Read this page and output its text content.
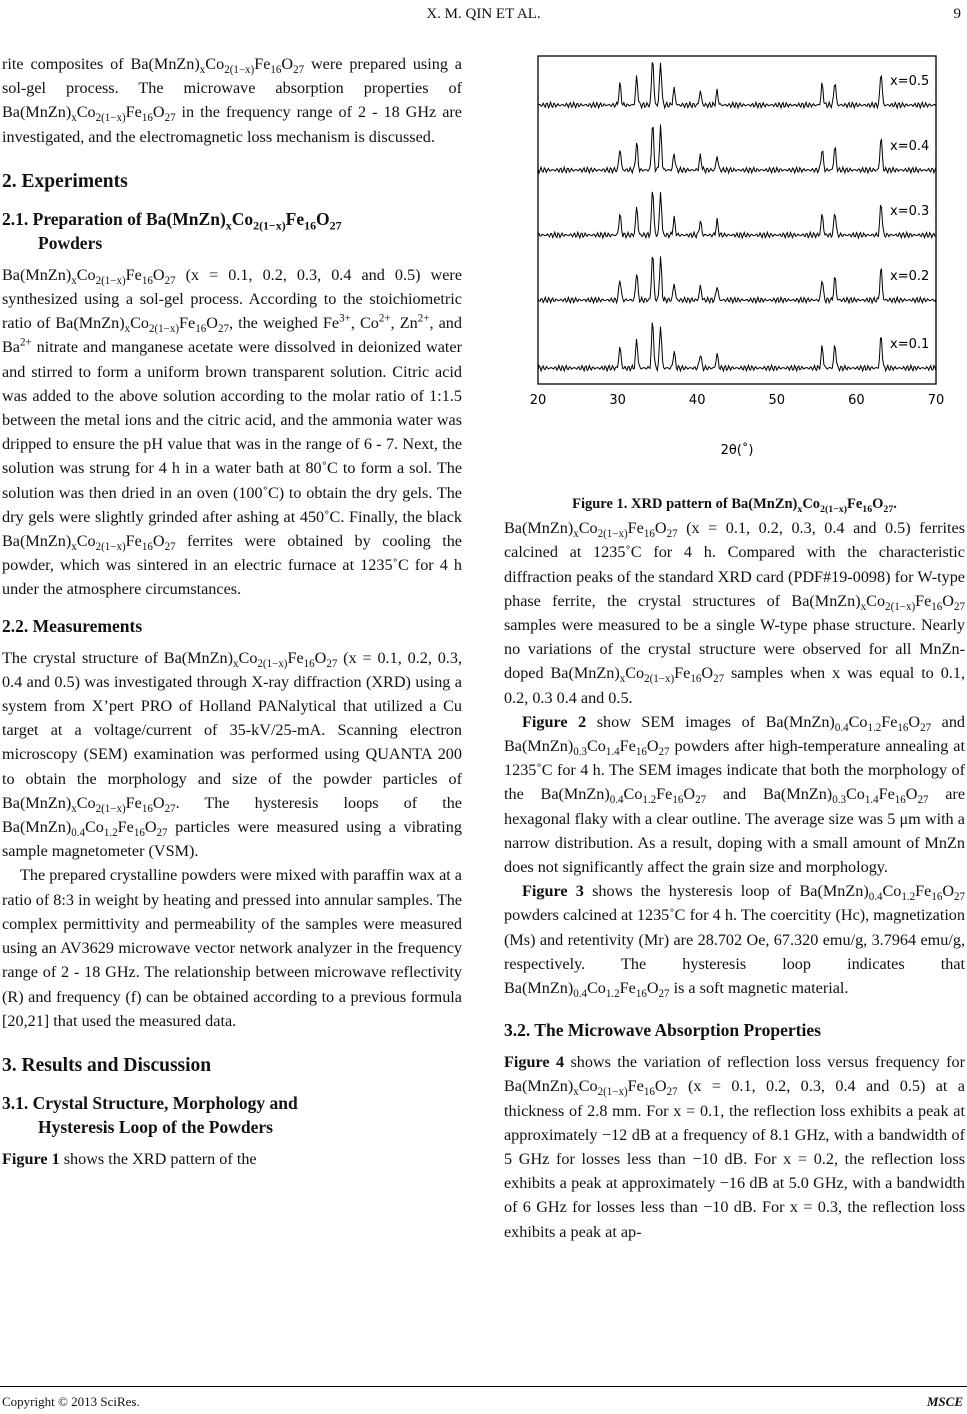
X. M. QIN ET AL.	9

rite composites of $Ba(MnZn)_xCo_{2(1-x)}Fe_{16}O_{27}$ were prepared using a sol-gel process. The microwave absorption properties of $Ba(MnZn)_xCo_{2(1-x)}Fe_{16}O_{27}$ in the frequency range of 2 - 18 GHz are investigated, and the electromagnetic loss mechanism is discussed.

2. Experiments

2.1. Preparation of $Ba(MnZn)_xCo_{2(1-x)}Fe_{16}O_{27}$
Powders

$Ba(MnZn)_xCo_{2(1-x)}Fe_{16}O_{27}$ (x = 0.1, 0.2, 0.3, 0.4 and 0.5) were synthesized using a sol-gel process. According to the stoichiometric ratio of $Ba(MnZn)_xCo_{2(1-x)}Fe_{16}O_{27}$, the weighed $Fe^{3+}$, $Co^{2+}$, $Zn^{2+}$, and $Ba^{2+}$ nitrate and manganese acetate were dissolved in deionized water and stirred to form a uniform brown transparent solution. Citric acid was added to the above solution according to the molar ratio of 1:1.5 between the metal ions and the citric acid, and the ammonia water was dripped to ensure the pH value that was in the range of 6 - 7. Next, the solution was strung for 4 h in a water bath at 80˚C to form a sol. The solution was then dried in an oven (100˚C) to obtain the dry gels. The dry gels were slightly grinded after ashing at 450˚C. Finally, the black $Ba(MnZn)_xCo_{2(1-x)}Fe_{16}O_{27}$ ferrites were obtained by cooling the powder, which was sintered in an electric furnace at 1235˚C for 4 h under the atmosphere circumstances.

2.2. Measurements

The crystal structure of $Ba(MnZn)_xCo_{2(1-x)}Fe_{16}O_{27}$ (x = 0.1, 0.2, 0.3, 0.4 and 0.5) was investigated through X-ray diffraction (XRD) using a system from X’pert PRO of Holland PANalytical that utilized a Cu target at a voltage/current of 35-kV/25-mA. Scanning electron microscopy (SEM) examination was performed using QUANTA 200 to obtain the morphology and size of the powder particles of $Ba(MnZn)_xCo_{2(1-x)}Fe_{16}O_{27}$. The hysteresis loops of the $Ba(MnZn)_{0.4}Co_{1.2}Fe_{16}O_{27}$ particles were measured using a vibrating sample magnetometer (VSM).

The prepared crystalline powders were mixed with paraffin wax at a ratio of 8:3 in weight by heating and pressed into annular samples. The complex permittivity and permeability of the samples were measured using an AV3629 microwave vector network analyzer in the frequency range of 2 - 18 GHz. The relationship between microwave reflectivity (R) and frequency (f) can be obtained according to a previous formula [20,21] that used the measured data.

3. Results and Discussion

3.1. Crystal Structure, Morphology and
Hysteresis Loop of the Powders

Figure 1 shows the XRD pattern of the

x=0.5
x=0.4
x=0.3
x=0.2
x=0.1
20	30	40	50	60	70
2θ(˚)

Figure 1. XRD pattern of $Ba(MnZn)_xCo_{2(1-x)}Fe_{16}O_{27}$.

$Ba(MnZn)_xCo_{2(1-x)}Fe_{16}O_{27}$ (x = 0.1, 0.2, 0.3, 0.4 and 0.5) ferrites calcined at 1235˚C for 4 h. Compared with the characteristic diffraction peaks of the standard XRD card (PDF#19-0098) for W-type phase ferrite, the crystal structures of $Ba(MnZn)_xCo_{2(1-x)}Fe_{16}O_{27}$ samples were measured to be a single W-type phase structure. Nearly no variations of the crystal structure were observed for all MnZn-doped $Ba(MnZn)_xCo_{2(1-x)}Fe_{16}O_{27}$ samples when x was equal to 0.1, 0.2, 0.3 0.4 and 0.5.

Figure 2 show SEM images of $Ba(MnZn)_{0.4}Co_{1.2}Fe_{16}O_{27}$ and $Ba(MnZn)_{0.3}Co_{1.4}Fe_{16}O_{27}$ powders after high-temperature annealing at 1235˚C for 4 h. The SEM images indicate that both the morphology of the $Ba(MnZn)_{0.4}Co_{1.2}Fe_{16}O_{27}$ and $Ba(MnZn)_{0.3}Co_{1.4}Fe_{16}O_{27}$ are hexagonal flaky with a clear outline. The average size was 5 μm with a narrow distribution. As a result, doping with a small amount of MnZn does not significantly affect the grain size and morphology.

Figure 3 shows the hysteresis loop of $Ba(MnZn)_{0.4}Co_{1.2}Fe_{16}O_{27}$ powders calcined at 1235˚C for 4 h. The coercitity (Hc), magnetization (Ms) and retentivity (Mr) are 28.702 Oe, 67.320 emu/g, 3.7964 emu/g, respectively. The hysteresis loop indicates that $Ba(MnZn)_{0.4}Co_{1.2}Fe_{16}O_{27}$ is a soft magnetic material.

3.2. The Microwave Absorption Properties

Figure 4 shows the variation of reflection loss versus frequency for $Ba(MnZn)_xCo_{2(1-x)}Fe_{16}O_{27}$ (x = 0.1, 0.2, 0.3, 0.4 and 0.5) at a thickness of 2.8 mm. For x = 0.1, the reflection loss exhibits a peak at approximately −12 dB at a frequency of 8.1 GHz, with a bandwidth of 5 GHz for losses less than −10 dB. For x = 0.2, the reflection loss exhibits a peak at approximately −16 dB at 5.0 GHz, with a bandwidth of 6 GHz for losses less than −10 dB. For x = 0.3, the reflection loss exhibits a peak at ap-

Copyright © 2013 SciRes.	MSCE
